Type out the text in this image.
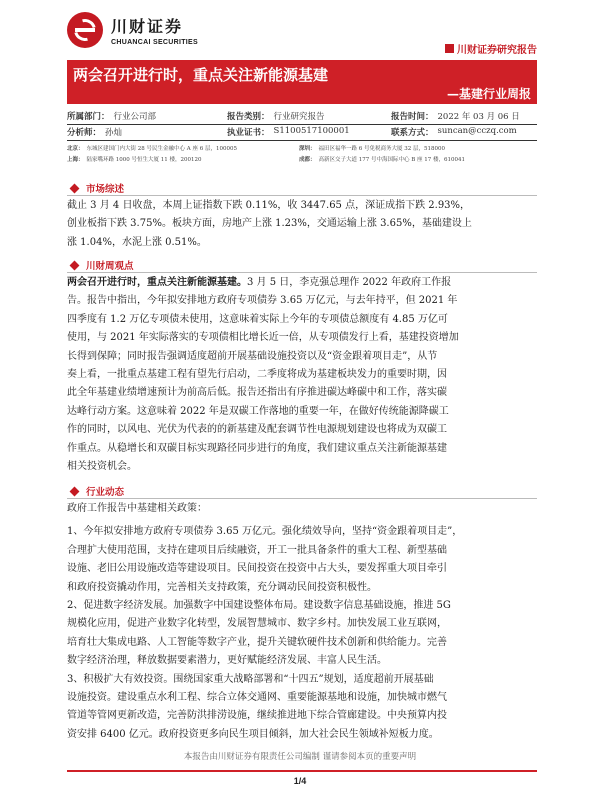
川财证券
CHUANCAI SECURITIES
川财证券研究报告
两会召开进行时，重点关注新能源基建
—基建行业周报
所属部门： 行业公司部	报告类别： 行业研究报告	报告时间： 2022 年 03 月 06 日
分析师： 孙灿	执业证书： S1100517100001	联系方式： suncan@cczq.com
北京： 东城区建国门内大街 28 号民生金融中心 A 座 6 层，100005	深圳： 福田区福华一路 6 号免税商务大厦 32 层，518000
上海： 陆家嘴环路 1000 号恒生大厦 11 楼，200120	成都： 高新区交子大道 177 号中海国际中心 B 座 17 楼，610041
市场综述
截止 3 月 4 日收盘，本周上证指数下跌 0.11%，收 3447.65 点，深证成指下跌 2.93%，
创业板指下跌 3.75%。板块方面，房地产上涨 1.23%，交通运输上涨 3.65%，基础建设上
涨 1.04%，水泥上涨 0.51%。
川财周观点
两会召开进行时，重点关注新能源基建。3 月 5 日，李克强总理作 2022 年政府工作报
告。报告中指出，今年拟安排地方政府专项债券 3.65 万亿元，与去年持平，但 2021 年
四季度有 1.2 万亿专项债未使用，这意味着实际上今年的专项债总额度有 4.85 万亿可
使用，与 2021 年实际落实的专项债相比增长近一倍，从专项债发行上看，基建投资增加
长得到保障；同时报告强调适度超前开展基础设施投资以及“资金跟着项目走”，从节
奏上看，一批重点基建工程有望先行启动，二季度将成为基建板块发力的重要时期，因
此全年基建业绩增速预计为前高后低。报告还指出有序推进碳达峰碳中和工作，落实碳
达峰行动方案。这意味着 2022 年是双碳工作落地的重要一年，在做好传统能源降碳工
作的同时，以风电、光伏为代表的的新基建及配套调节性电源规划建设也将成为双碳工
作重点。从稳增长和双碳目标实现路径同步进行的角度，我们建议重点关注新能源基建
相关投资机会。
行业动态
政府工作报告中基建相关政策：
1、今年拟安排地方政府专项债券 3.65 万亿元。强化绩效导向，坚持“资金跟着项目走”，
合理扩大使用范围，支持在建项目后续融资，开工一批具备条件的重大工程、新型基础
设施、老旧公用设施改造等建设项目。民间投资在投资中占大头，要发挥重大项目牵引
和政府投资撬动作用，完善相关支持政策，充分调动民间投资积极性。
2、促进数字经济发展。加强数字中国建设整体布局。建设数字信息基础设施，推进 5G
规模化应用，促进产业数字化转型，发展智慧城市、数字乡村。加快发展工业互联网，
培育壮大集成电路、人工智能等数字产业，提升关键软硬件技术创新和供给能力。完善
数字经济治理，释放数据要素潜力，更好赋能经济发展、丰富人民生活。
3、积极扩大有效投资。围绕国家重大战略部署和“十四五”规划，适度超前开展基础
设施投资。建设重点水利工程、综合立体交通网、重要能源基地和设施，加快城市燃气
管道等管网更新改造，完善防洪排涝设施，继续推进地下综合管廊建设。中央预算内投
资安排 6400 亿元。政府投资更多向民生项目倾斜，加大社会民生领域补短板力度。
本报告由川财证券有限责任公司编制 谨请参阅本页的重要声明
1/4
